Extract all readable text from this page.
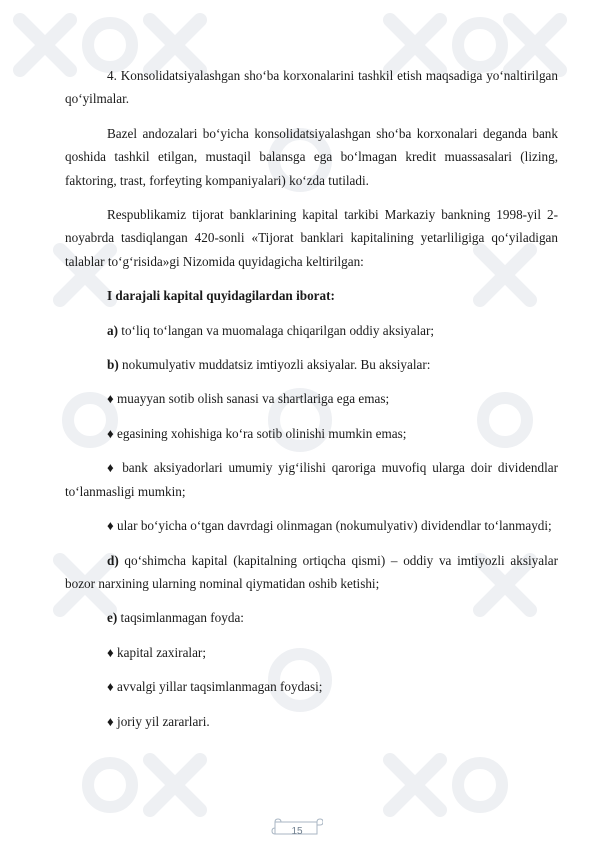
4. Konsolidatsiyalashgan sho‘ba korxonalarini tashkil etish maqsadiga yo‘naltirilgan qo‘yilmalar.

Bazel andozalari bo‘yicha konsolidatsiyalashgan sho‘ba korxonalari deganda bank qoshida tashkil etilgan, mustaqil balansga ega bo‘lmagan kredit muassasalari (lizing, faktoring, trast, forfeyting kompaniyalari) ko‘zda tutiladi.

Respublikamiz tijorat banklarining kapital tarkibi Markaziy bankning 1998-yil 2-noyabrda tasdiqlangan 420-sonli «Tijorat banklari kapitalining yetarliligiga qo‘yiladigan talablar to‘g‘risida»gi Nizomida quyidagicha keltirilgan:

I darajali kapital quyidagilardan iborat:

a) to‘liq to‘langan va muomalaga chiqarilgan oddiy aksiyalar;

b) nokumulyativ muddatsiz imtiyozli aksiyalar. Bu aksiyalar:

♦ muayyan sotib olish sanasi va shartlariga ega emas;

♦ egasining xohishiga ko‘ra sotib olinishi mumkin emas;

♦ bank aksiyadorlari umumiy yig‘ilishi qaroriga muvofiq ularga doir dividendlar to‘lanmasligi mumkin;

♦ ular bo‘yicha o‘tgan davrdagi olinmagan (nokumulyativ) dividendlar to‘lanmaydi;

d) qo‘shimcha kapital (kapitalning ortiqcha qismi) – oddiy va imtiyozli aksiyalar bozor narxining ularning nominal qiymatidan oshib ketishi;

e) taqsimlanmagan foyda:

♦ kapital zaxiralar;

♦ avvalgi yillar taqsimlanmagan foydasi;

♦ joriy yil zararlari.

15
